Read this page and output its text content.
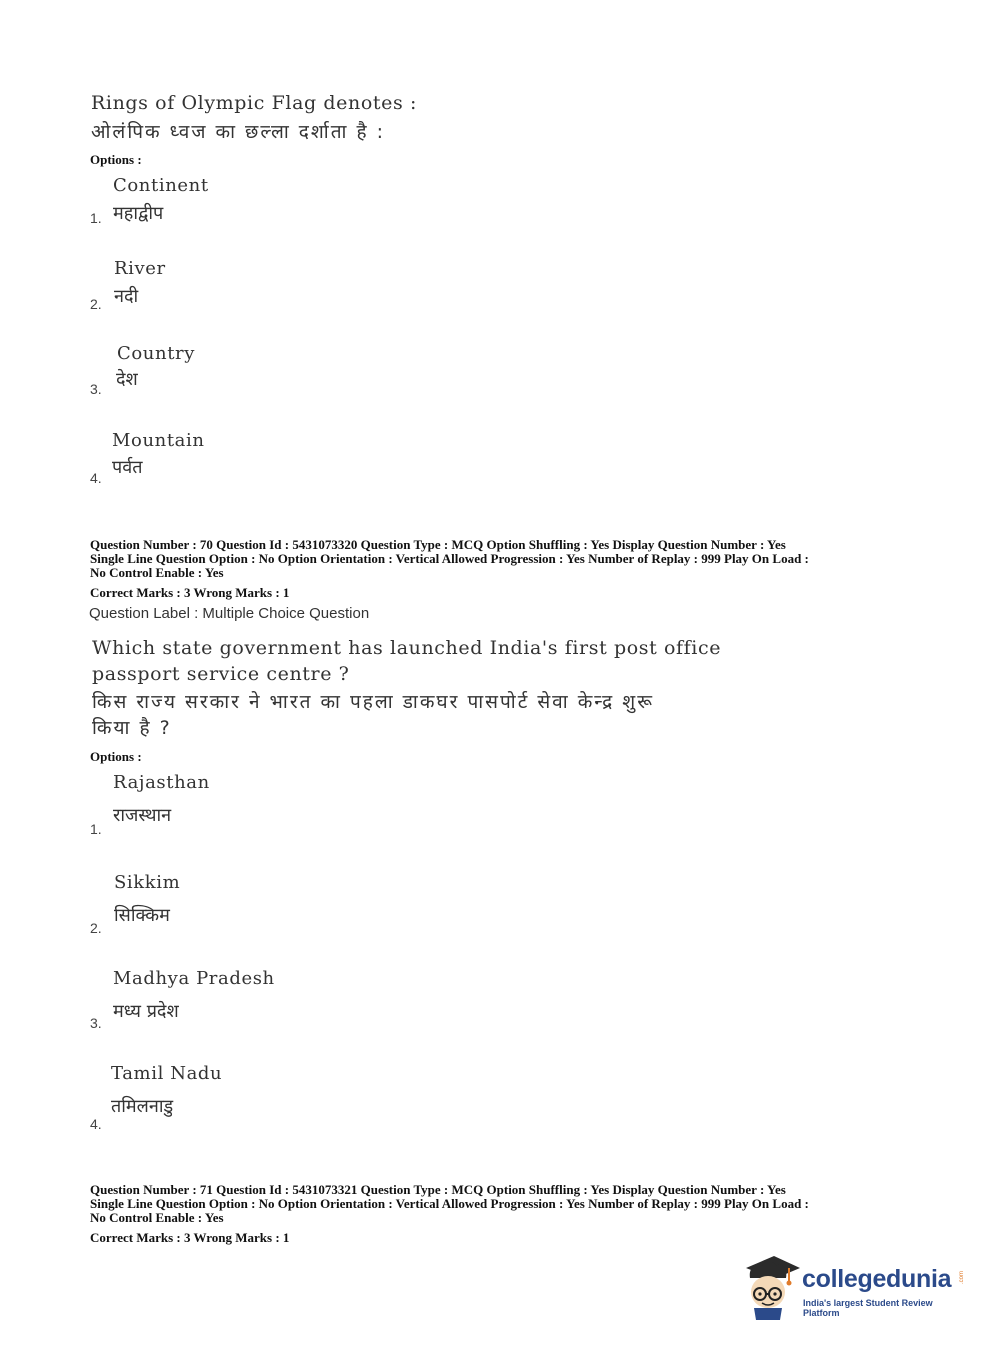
Rings of Olympic Flag denotes :
ओलंपिक ध्वज का छल्ला दर्शाता है :
Options :
Continent
महाद्वीप
1.
River
नदी
2.
Country
देश
3.
Mountain
पर्वत
4.
Question Number : 70 Question Id : 5431073320 Question Type : MCQ Option Shuffling : Yes Display Question Number : Yes
Single Line Question Option : No Option Orientation : Vertical Allowed Progression : Yes Number of Replay : 999 Play On Load :
No Control Enable : Yes
Correct Marks : 3 Wrong Marks : 1
Question Label : Multiple Choice Question
Which state government has launched India's first post office
passport service centre ?
किस राज्य सरकार ने भारत का पहला डाकघर पासपोर्ट सेवा केन्द्र शुरू
किया है ?
Options :
Rajasthan
राजस्थान
1.
Sikkim
सिक्किम
2.
Madhya Pradesh
मध्य प्रदेश
3.
Tamil Nadu
तमिलनाडु
4.
Question Number : 71 Question Id : 5431073321 Question Type : MCQ Option Shuffling : Yes Display Question Number : Yes
Single Line Question Option : No Option Orientation : Vertical Allowed Progression : Yes Number of Replay : 999 Play On Load :
No Control Enable : Yes
Correct Marks : 3 Wrong Marks : 1
collegedunia .com
India's largest Student Review Platform
